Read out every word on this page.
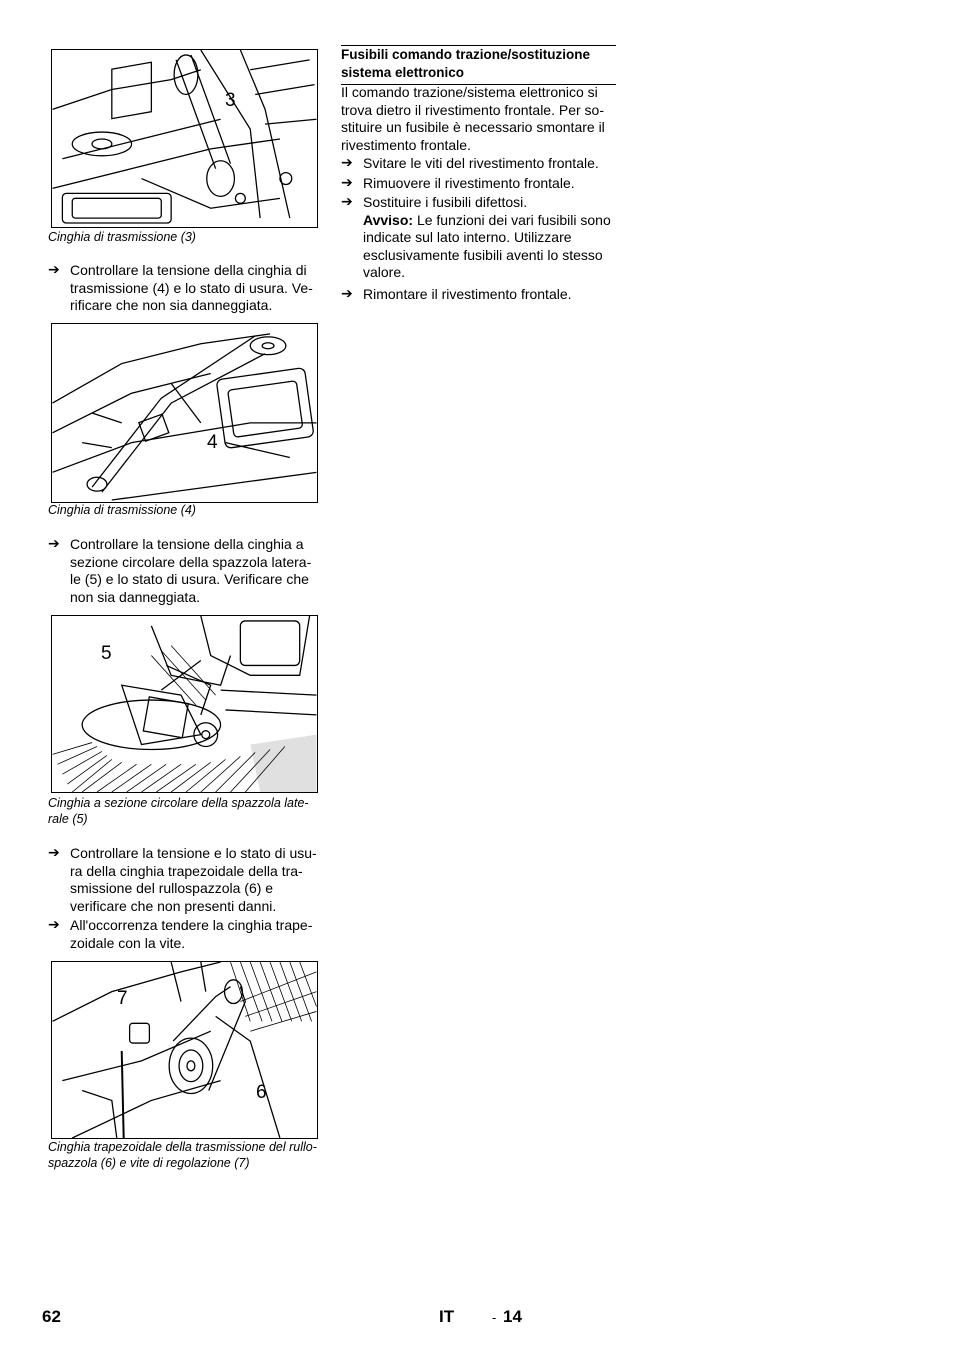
3
Cinghia di trasmissione (3)
➔ Controllare la tensione della cinghia di
trasmissione (4) e lo stato di usura. Ve-
rificare che non sia danneggiata.
4
Cinghia di trasmissione (4)
➔ Controllare la tensione della cinghia a
sezione circolare della spazzola latera-
le (5) e lo stato di usura. Verificare che
non sia danneggiata.
5
Cinghia a sezione circolare della spazzola late-
rale (5)
➔ Controllare la tensione e lo stato di usu-
ra della cinghia trapezoidale della tra-
smissione del rullospazzola (6) e
verificare che non presenti danni.
➔ All'occorrenza tendere la cinghia trape-
zoidale con la vite.
7
6
Cinghia trapezoidale della trasmissione del rullo-
spazzola (6) e vite di regolazione (7)
Fusibili comando trazione/sostituzione
sistema elettronico
Il comando trazione/sistema elettronico si
trova dietro il rivestimento frontale. Per so-
stituire un fusibile è necessario smontare il
rivestimento frontale.
➔ Svitare le viti del rivestimento frontale.
➔ Rimuovere il rivestimento frontale.
➔ Sostituire i fusibili difettosi.
Avviso: Le funzioni dei vari fusibili sono
indicate sul lato interno. Utilizzare
esclusivamente fusibili aventi lo stesso
valore.
➔ Rimontare il rivestimento frontale.
62	IT	- 14
